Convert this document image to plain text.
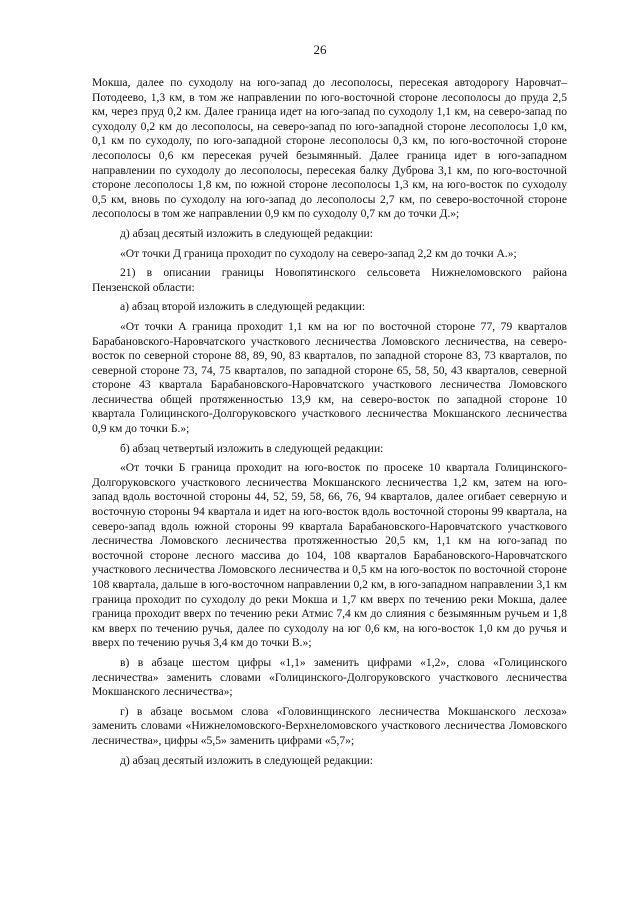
26

Мокша, далее по суходолу на юго-запад до лесополосы, пересекая автодорогу Наровчат–Потодеево, 1,3 км, в том же направлении по юго-восточной стороне лесополосы до пруда 2,5 км, через пруд 0,2 км. Далее граница идет на юго-запад по суходолу 1,1 км, на северо-запад по суходолу 0,2 км до лесополосы, на северо-запад по юго-западной стороне лесополосы 1,0 км, 0,1 км по суходолу, по юго-западной стороне лесополосы 0,3 км, по юго-восточной стороне лесополосы 0,6 км пересекая ручей безымянный. Далее граница идет в юго-западном направлении по суходолу до лесополосы, пересекая балку Дуброва 3,1 км, по юго-восточной стороне лесополосы 1,8 км, по южной стороне лесополосы 1,3 км, на юго-восток по суходолу 0,5 км, вновь по суходолу на юго-запад до лесополосы 2,7 км, по северо-восточной стороне лесополосы в том же направлении 0,9 км по суходолу 0,7 км до точки Д.»;

д) абзац десятый изложить в следующей редакции:

«От точки Д граница проходит по суходолу на северо-запад 2,2 км до точки А.»;

21) в описании границы Новопятинского сельсовета Нижнеломовского района Пензенской области:

а) абзац второй изложить в следующей редакции:

«От точки А граница проходит 1,1 км на юг по восточной стороне 77, 79 кварталов Барабановского-Наровчатского участкового лесничества Ломовского лесничества, на северо-восток по северной стороне 88, 89, 90, 83 кварталов, по западной стороне 83, 73 кварталов, по северной стороне 73, 74, 75 кварталов, по западной стороне 65, 58, 50, 43 кварталов, северной стороне 43 квартала Барабановского-Наровчатского участкового лесничества Ломовского лесничества общей протяженностью 13,9 км, на северо-восток по западной стороне 10 квартала Голицинского-Долгоруковского участкового лесничества Мокшанского лесничества 0,9 км до точки Б.»;

б) абзац четвертый изложить в следующей редакции:

«От точки Б граница проходит на юго-восток по просеке 10 квартала Голицинского-Долгоруковского участкового лесничества Мокшанского лесничества 1,2 км, затем на юго-запад вдоль восточной стороны 44, 52, 59, 58, 66, 76, 94 кварталов, далее огибает северную и восточную стороны 94 квартала и идет на юго-восток вдоль восточной стороны 99 квартала, на северо-запад вдоль южной стороны 99 квартала Барабановского-Наровчатского участкового лесничества Ломовского лесничества протяженностью 20,5 км, 1,1 км на юго-запад по восточной стороне лесного массива до 104, 108 кварталов Барабановского-Наровчатского участкового лесничества Ломовского лесничества и 0,5 км на юго-восток по восточной стороне 108 квартала, дальше в юго-восточном направлении 0,2 км, в юго-западном направлении 3,1 км граница проходит по суходолу до реки Мокша и 1,7 км вверх по течению реки Мокша, далее граница проходит вверх по течению реки Атмис 7,4 км до слияния с безымянным ручьем и 1,8 км вверх по течению ручья, далее по суходолу на юг 0,6 км, на юго-восток 1,0 км до ручья и вверх по течению ручья 3,4 км до точки В.»;

в) в абзаце шестом цифры «1,1» заменить цифрами «1,2», слова «Голицинского лесничества» заменить словами «Голицинского-Долгоруковского участкового лесничества Мокшанского лесничества»;

г) в абзаце восьмом слова «Головинщинского лесничества Мокшанского лесхоза» заменить словами «Нижнеломовского-Верхнеломовского участкового лесничества Ломовского лесничества», цифры «5,5» заменить цифрами «5,7»;

д) абзац десятый изложить в следующей редакции:
